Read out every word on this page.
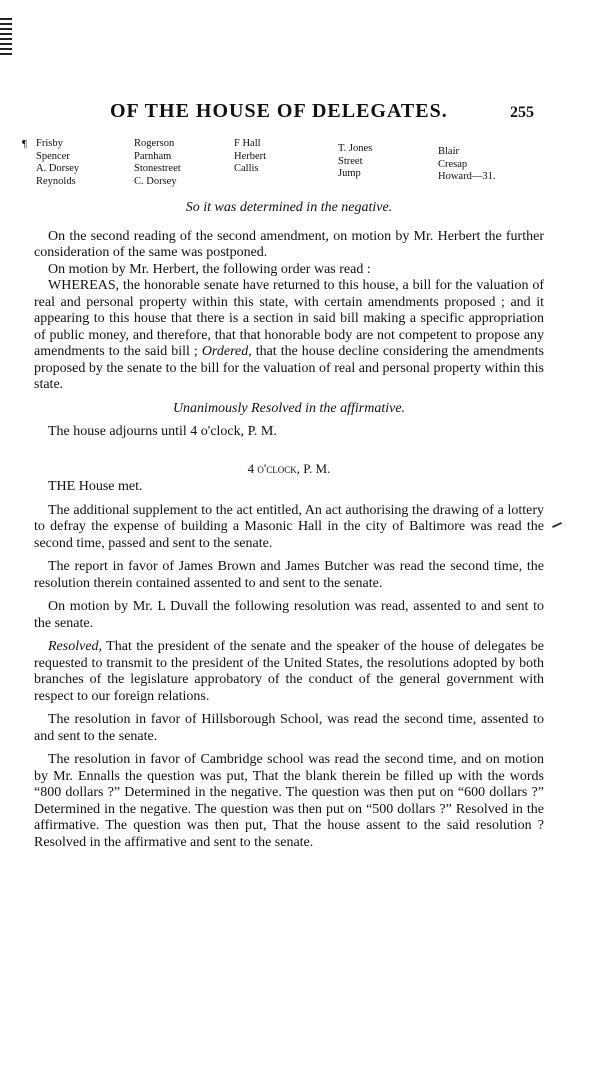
OF THE HOUSE OF DELEGATES.	255
¶ Frisby
Spencer
A. Dorsey
Reynolds
Rogerson
Parnham
Stonestreet
C. Dorsey
F Hall
Herbert
Callis
T. Jones
Street
Jump
Blair
Cresap
Howard—31.

So it was determined in the negative.

On the second reading of the second amendment, on motion by Mr. Herbert the further consideration of the same was postponed.

On motion by Mr. Herbert, the following order was read :

WHEREAS, the honorable senate have returned to this house, a bill for the valuation of real and personal property within this state, with certain amendments proposed ; and it appearing to this house that there is a section in said bill making a specific appropriation of public money, and therefore, that that honorable body are not competent to propose any amendments to the said bill ; Ordered, that the house decline considering the amendments proposed by the senate to the bill for the valuation of real and personal property within this state.

Unanimously Resolved in the affirmative.

The house adjourns until 4 o'clock, P. M.

4 o'clock, P. M.

THE House met.

The additional supplement to the act entitled, An act authorising the drawing of a lottery to defray the expense of building a Masonic Hall in the city of Baltimore was read the second time, passed and sent to the senate.

The report in favor of James Brown and James Butcher was read the second time, the resolution therein contained assented to and sent to the senate.

On motion by Mr. L Duvall the following resolution was read, assented to and sent to the senate.

Resolved, That the president of the senate and the speaker of the house of delegates be requested to transmit to the president of the United States, the resolutions adopted by both branches of the legislature approbatory of the conduct of the general government with respect to our foreign relations.

The resolution in favor of Hillsborough School, was read the second time, assented to and sent to the senate.

The resolution in favor of Cambridge school was read the second time, and on motion by Mr. Ennalls the question was put, That the blank therein be filled up with the words “800 dollars ?” Determined in the negative. The question was then put on “600 dollars ?” Determined in the negative. The question was then put on “500 dollars ?” Resolved in the affirmative. The question was then put, That the house assent to the said resolution ? Resolved in the affirmative and sent to the senate.
